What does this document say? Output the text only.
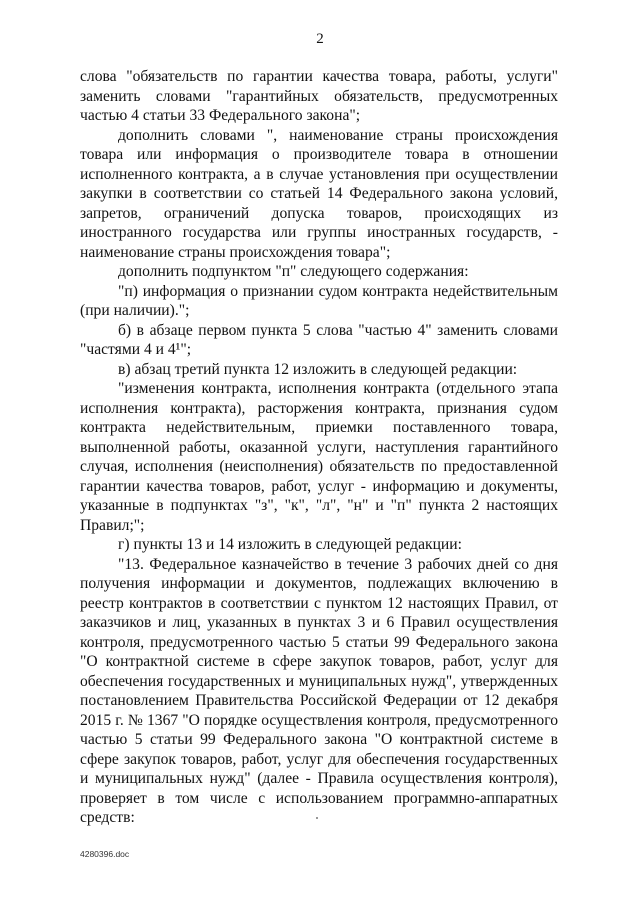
2

слова "обязательств по гарантии качества товара, работы, услуги" заменить словами "гарантийных обязательств, предусмотренных частью 4 статьи 33 Федерального закона";

дополнить словами ", наименование страны происхождения товара или информация о производителе товара в отношении исполненного контракта, а в случае установления при осуществлении закупки в соответствии со статьей 14 Федерального закона условий, запретов, ограничений допуска товаров, происходящих из иностранного государства или группы иностранных государств, - наименование страны происхождения товара";

дополнить подпунктом "п" следующего содержания:

"п) информация о признании судом контракта недействительным (при наличии).";

б) в абзаце первом пункта 5 слова "частью 4" заменить словами "частями 4 и 4¹";

в) абзац третий пункта 12 изложить в следующей редакции:

"изменения контракта, исполнения контракта (отдельного этапа исполнения контракта), расторжения контракта, признания судом контракта недействительным, приемки поставленного товара, выполненной работы, оказанной услуги, наступления гарантийного случая, исполнения (неисполнения) обязательств по предоставленной гарантии качества товаров, работ, услуг - информацию и документы, указанные в подпунктах "з", "к", "л", "н" и "п" пункта 2 настоящих Правил;";

г) пункты 13 и 14 изложить в следующей редакции:

"13. Федеральное казначейство в течение 3 рабочих дней со дня получения информации и документов, подлежащих включению в реестр контрактов в соответствии с пунктом 12 настоящих Правил, от заказчиков и лиц, указанных в пунктах 3 и 6 Правил осуществления контроля, предусмотренного частью 5 статьи 99 Федерального закона "О контрактной системе в сфере закупок товаров, работ, услуг для обеспечения государственных и муниципальных нужд", утвержденных постановлением Правительства Российской Федерации от 12 декабря 2015 г. № 1367 "О порядке осуществления контроля, предусмотренного частью 5 статьи 99 Федерального закона "О контрактной системе в сфере закупок товаров, работ, услуг для обеспечения государственных и муниципальных нужд" (далее - Правила осуществления контроля), проверяет в том числе с использованием программно-аппаратных средств:

4280396.doc
